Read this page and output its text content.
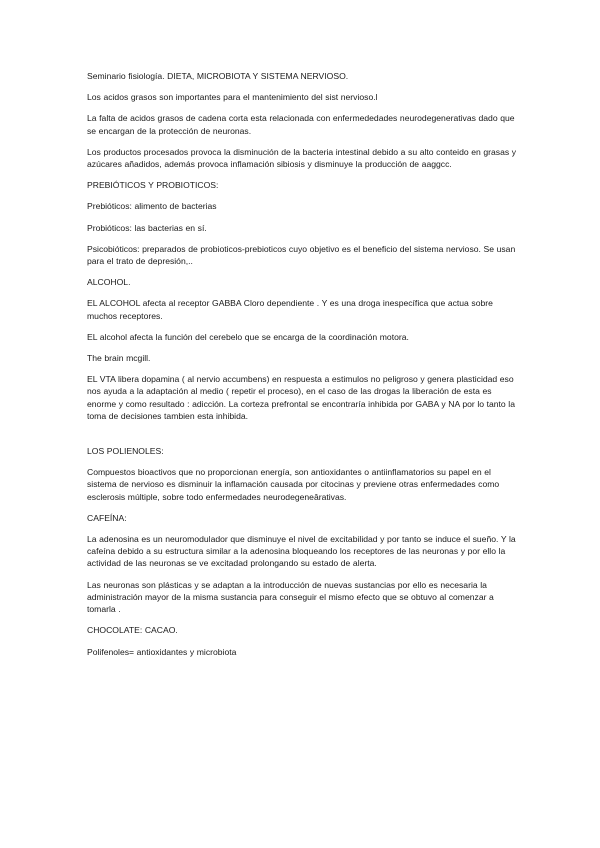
Seminario fisiología. DIETA, MICROBIOTA Y SISTEMA NERVIOSO.

Los acidos grasos son importantes para el mantenimiento del sist nervioso.l

La falta de acidos grasos de cadena corta esta relacionada con enfermededades neurodegenerativas dado que se encargan de la protección de neuronas.

Los productos procesados provoca la disminución de la bacteria intestinal debido a su alto conteido en grasas y azúcares añadidos, además provoca inflamación sibiosis y disminuye la producción de aaggcc.

PREBIÓTICOS Y PROBIOTICOS:

Prebióticos: alimento de bacterias

Probióticos: las bacterias en sí.

Psicobióticos: preparados de probioticos-prebioticos cuyo objetivo es el beneficio del sistema nervioso. Se usan para el trato de depresión,..

ALCOHOL.

EL ALCOHOL afecta al receptor GABBA Cloro dependiente . Y es una droga inespecífica que actua sobre muchos receptores.

EL alcohol afecta la función del cerebelo que se encarga de la coordinación motora.

The brain mcgill.

EL VTA libera dopamina ( al nervio accumbens) en respuesta a estimulos no peligroso y genera plasticidad eso nos ayuda a la adaptación al medio ( repetir el proceso), en el caso de las drogas la liberación de esta es enorme y como resultado : adicción. La corteza prefrontal se encontraría inhibida por GABA y NA por lo tanto la toma de decisiones tambien esta inhibida.

LOS POLIENOLES:

Compuestos bioactivos que no proporcionan energía, son antioxidantes o antiinflamatorios su papel en el sistema de nervioso es disminuir la inflamación causada por citocinas y previene otras enfermedades como esclerosis múltiple, sobre todo enfermedades neurodegeneârativas.

CAFEÍNA:

La adenosina es un neuromodulador que disminuye el nivel de excitabilidad y por tanto se induce el sueño. Y la cafeína debido a su estructura similar a la adenosina bloqueando los receptores de las neuronas y por ello la actividad de las neuronas se ve excitadad prolongando su estado de alerta.

Las neuronas son plásticas y se adaptan a la introducción de nuevas sustancias por ello es necesaria la administración mayor de la misma sustancia para conseguir el mismo efecto que se obtuvo al comenzar a tomarla .

CHOCOLATE: CACAO.

Polifenoles= antioxidantes y microbiota
